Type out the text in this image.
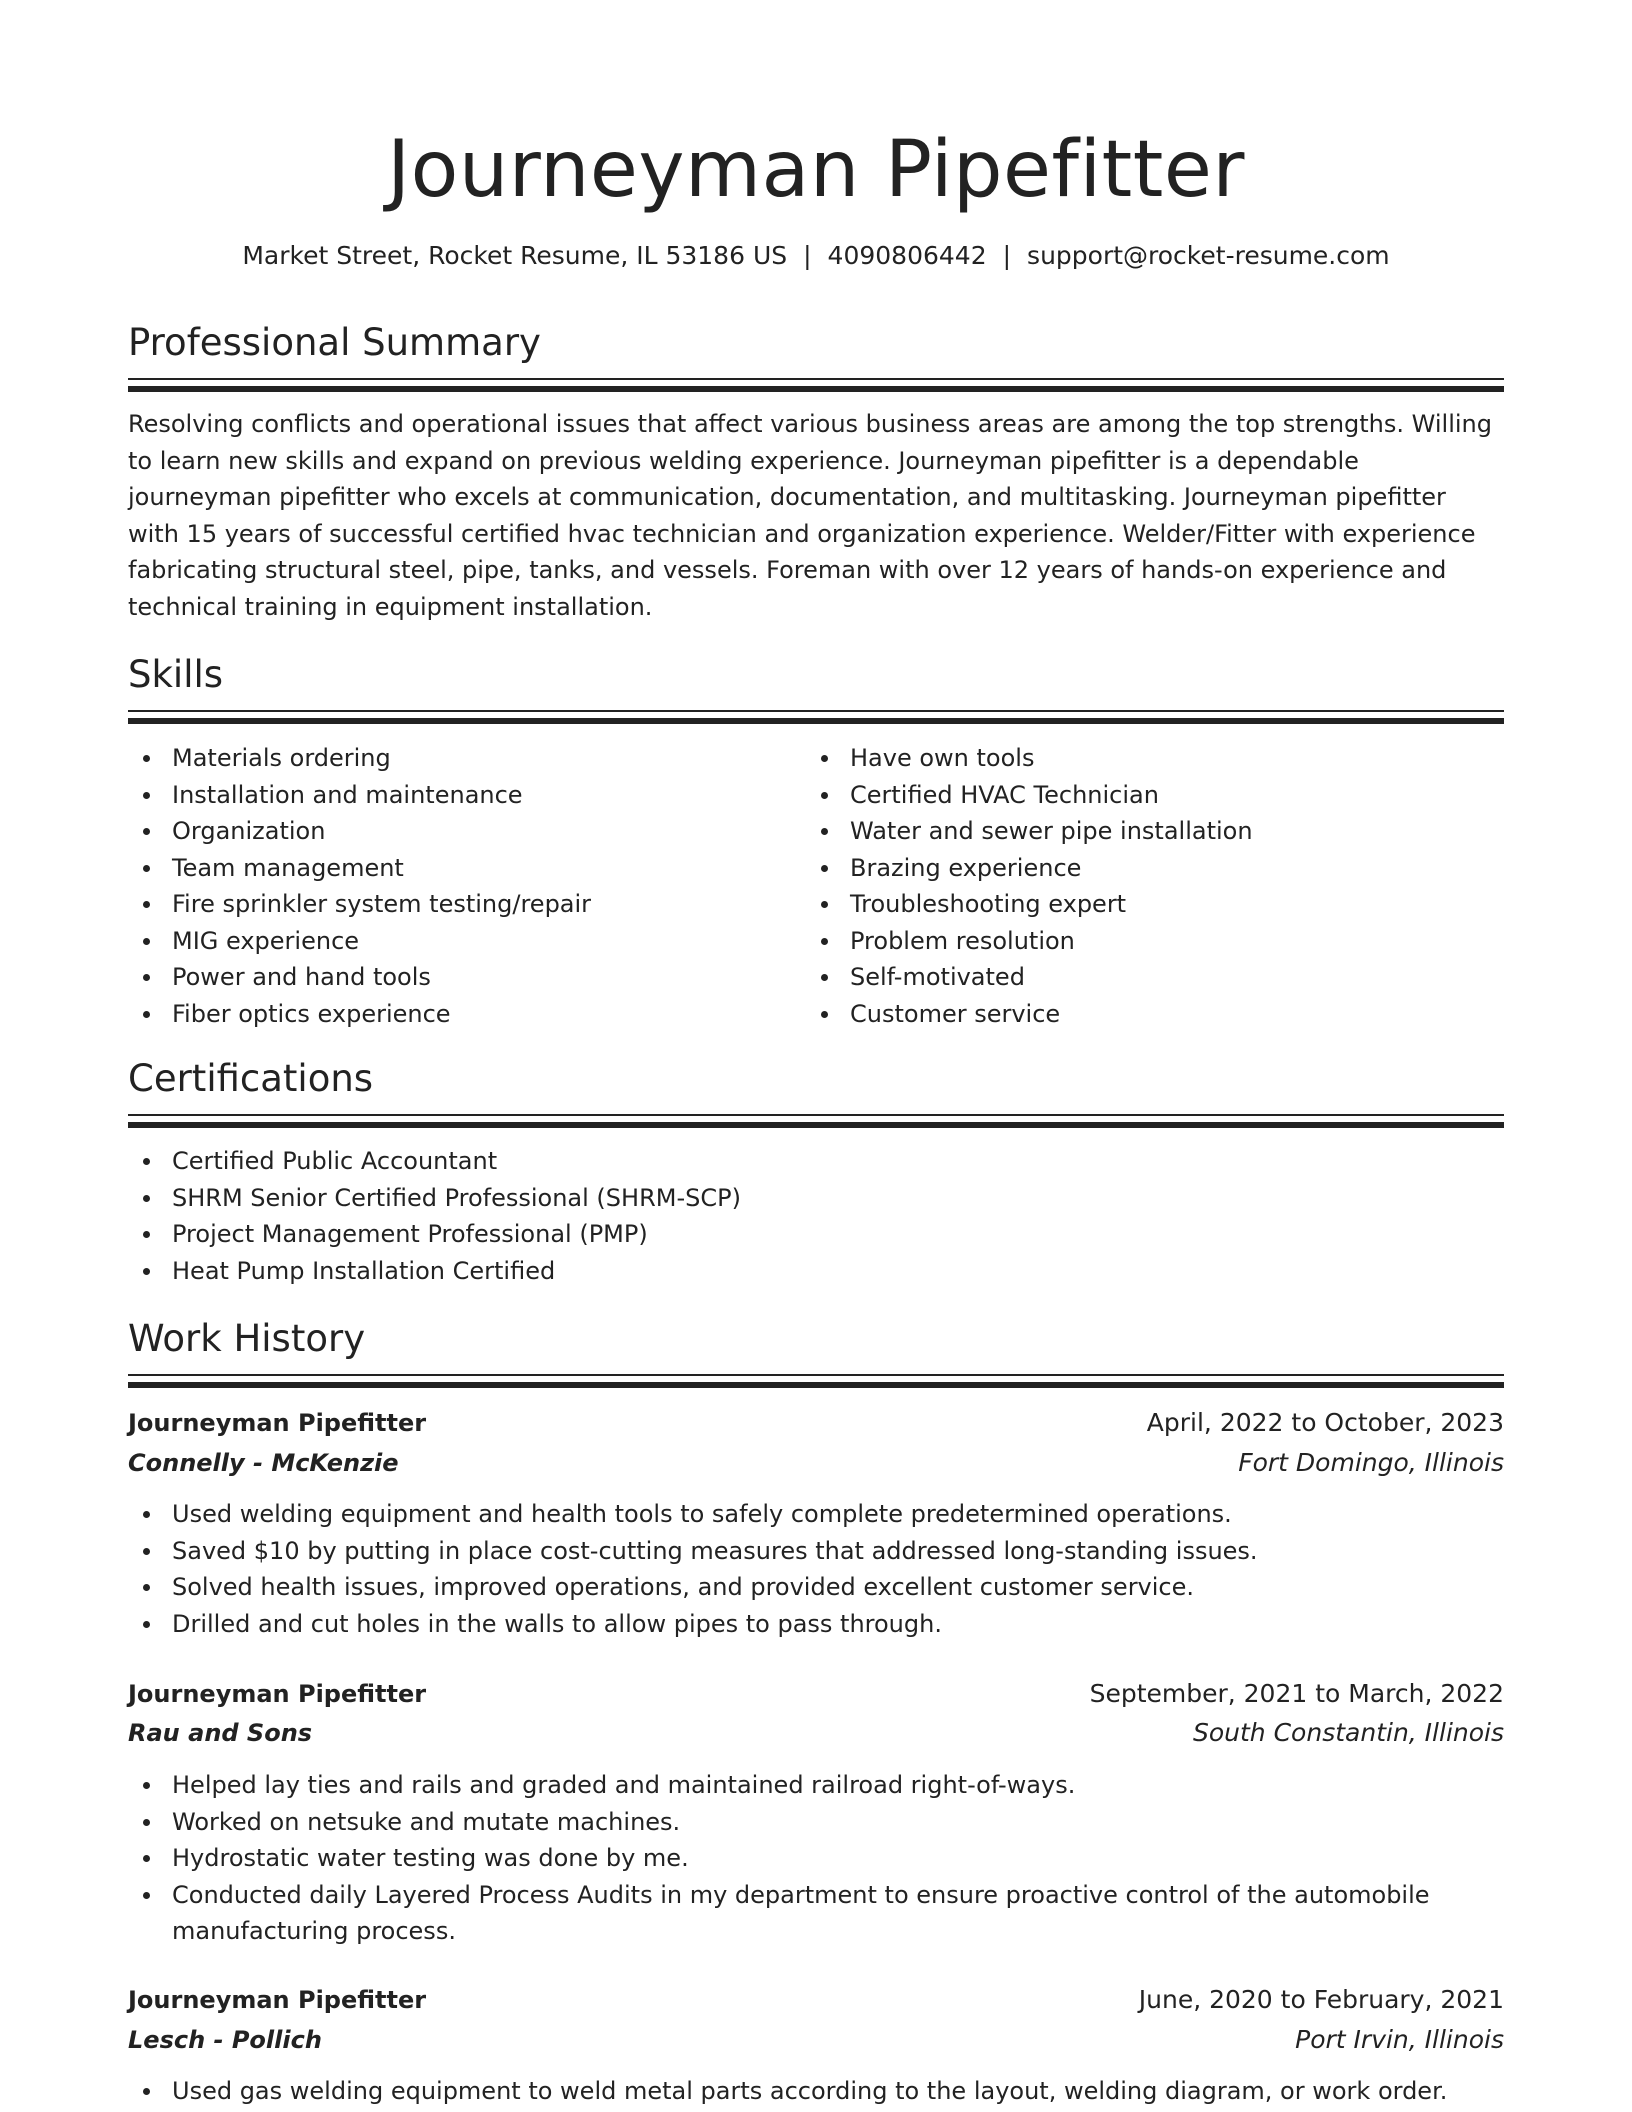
Journeyman Pipefitter
Market Street, Rocket Resume, IL 53186 US | 4090806442 | support@rocket-resume.com
Professional Summary

Resolving conflicts and operational issues that affect various business areas are among the top strengths. Willing to learn new skills and expand on previous welding experience. Journeyman pipefitter is a dependable journeyman pipefitter who excels at communication, documentation, and multitasking. Journeyman pipefitter with 15 years of successful certified hvac technician and organization experience. Welder/Fitter with experience fabricating structural steel, pipe, tanks, and vessels. Foreman with over 12 years of hands-on experience and technical training in equipment installation.

Skills
Materials ordering
Installation and maintenance
Organization
Team management
Fire sprinkler system testing/repair
MIG experience
Power and hand tools
Fiber optics experience
Have own tools
Certified HVAC Technician
Water and sewer pipe installation
Brazing experience
Troubleshooting expert
Problem resolution
Self-motivated
Customer service
Certifications
Certified Public Accountant
SHRM Senior Certified Professional (SHRM-SCP)
Project Management Professional (PMP)
Heat Pump Installation Certified
Work History
Journeyman Pipefitter	April, 2022 to October, 2023
Connelly - McKenzie	Fort Domingo, Illinois
Used welding equipment and health tools to safely complete predetermined operations.
Saved $10 by putting in place cost-cutting measures that addressed long-standing issues.
Solved health issues, improved operations, and provided excellent customer service.
Drilled and cut holes in the walls to allow pipes to pass through.
Journeyman Pipefitter	September, 2021 to March, 2022
Rau and Sons	South Constantin, Illinois
Helped lay ties and rails and graded and maintained railroad right-of-ways.
Worked on netsuke and mutate machines.
Hydrostatic water testing was done by me.
Conducted daily Layered Process Audits in my department to ensure proactive control of the automobile manufacturing process.
Journeyman Pipefitter	June, 2020 to February, 2021
Lesch - Pollich	Port Irvin, Illinois
Used gas welding equipment to weld metal parts according to the layout, welding diagram, or work order.
